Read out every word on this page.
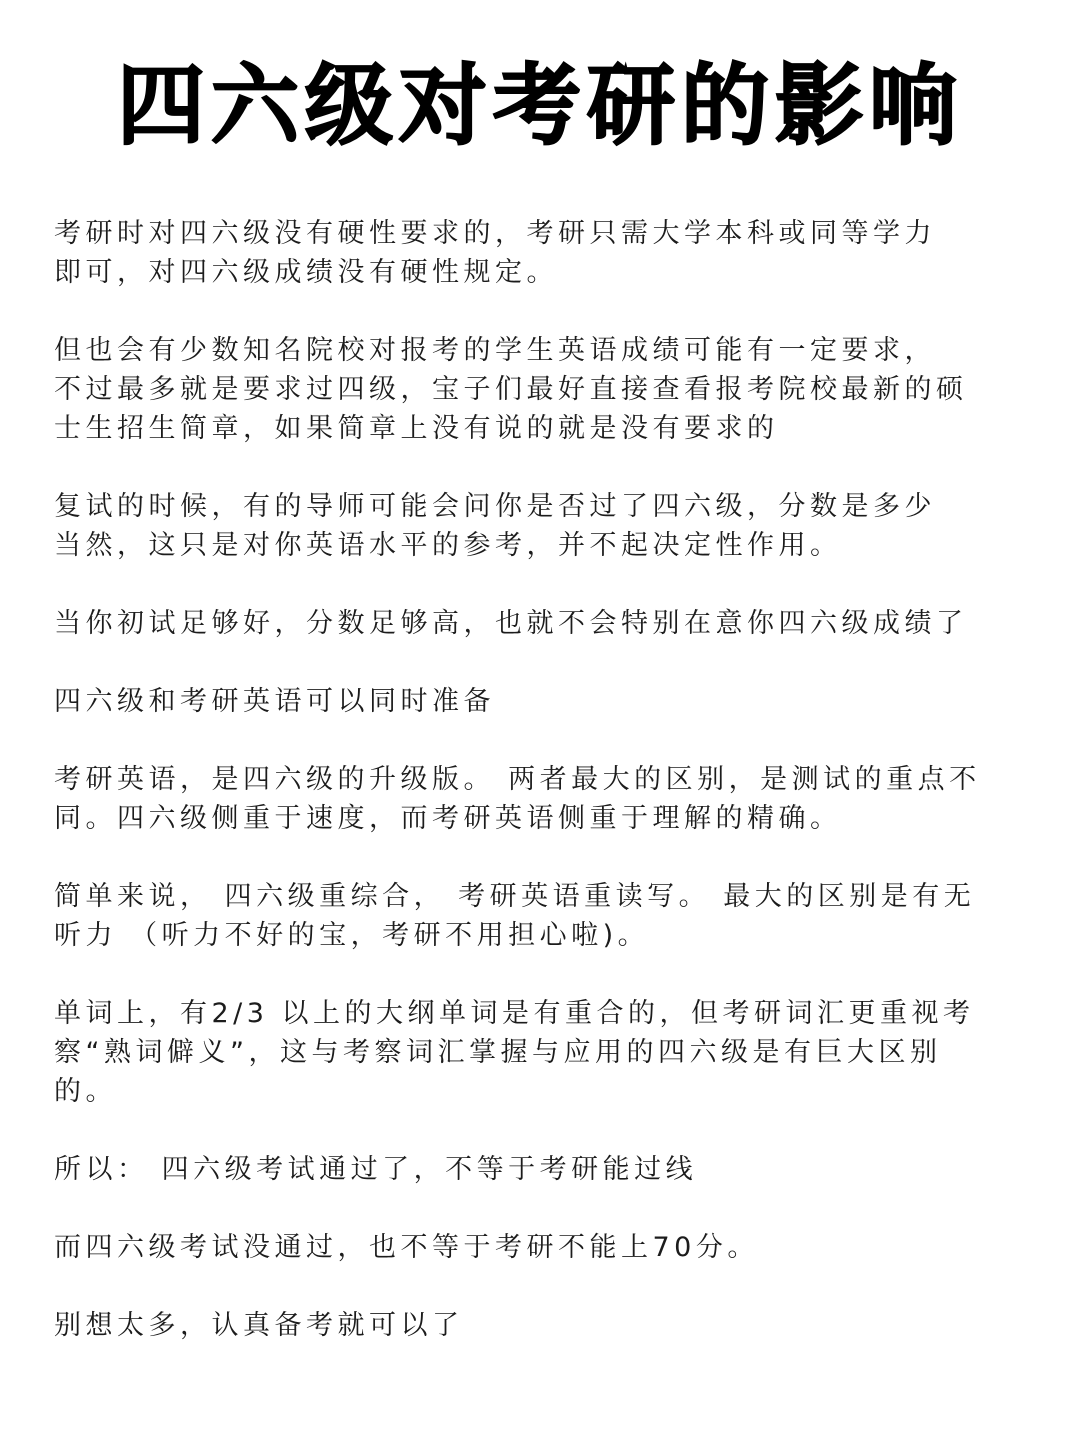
四六级对考研的影响

考研时对四六级没有硬性要求的，考研只需大学本科或同等学力
即可，对四六级成绩没有硬性规定。

但也会有少数知名院校对报考的学生英语成绩可能有一定要求，
不过最多就是要求过四级，宝子们最好直接查看报考院校最新的硕
士生招生简章，如果简章上没有说的就是没有要求的

复试的时候，有的导师可能会问你是否过了四六级，分数是多少
当然，这只是对你英语水平的参考，并不起决定性作用。

当你初试足够好，分数足够高，也就不会特别在意你四六级成绩了

四六级和考研英语可以同时准备

考研英语，是四六级的升级版。 两者最大的区别，是测试的重点不
同。四六级侧重于速度，而考研英语侧重于理解的精确。

简单来说， 四六级重综合， 考研英语重读写。 最大的区别是有无
听力 （听力不好的宝，考研不用担心啦)。

单词上，有2/3 以上的大纲单词是有重合的，但考研词汇更重视考
察“熟词僻义”，这与考察词汇掌握与应用的四六级是有巨大区别
的。

所以： 四六级考试通过了，不等于考研能过线

而四六级考试没通过，也不等于考研不能上70分。

别想太多，认真备考就可以了
